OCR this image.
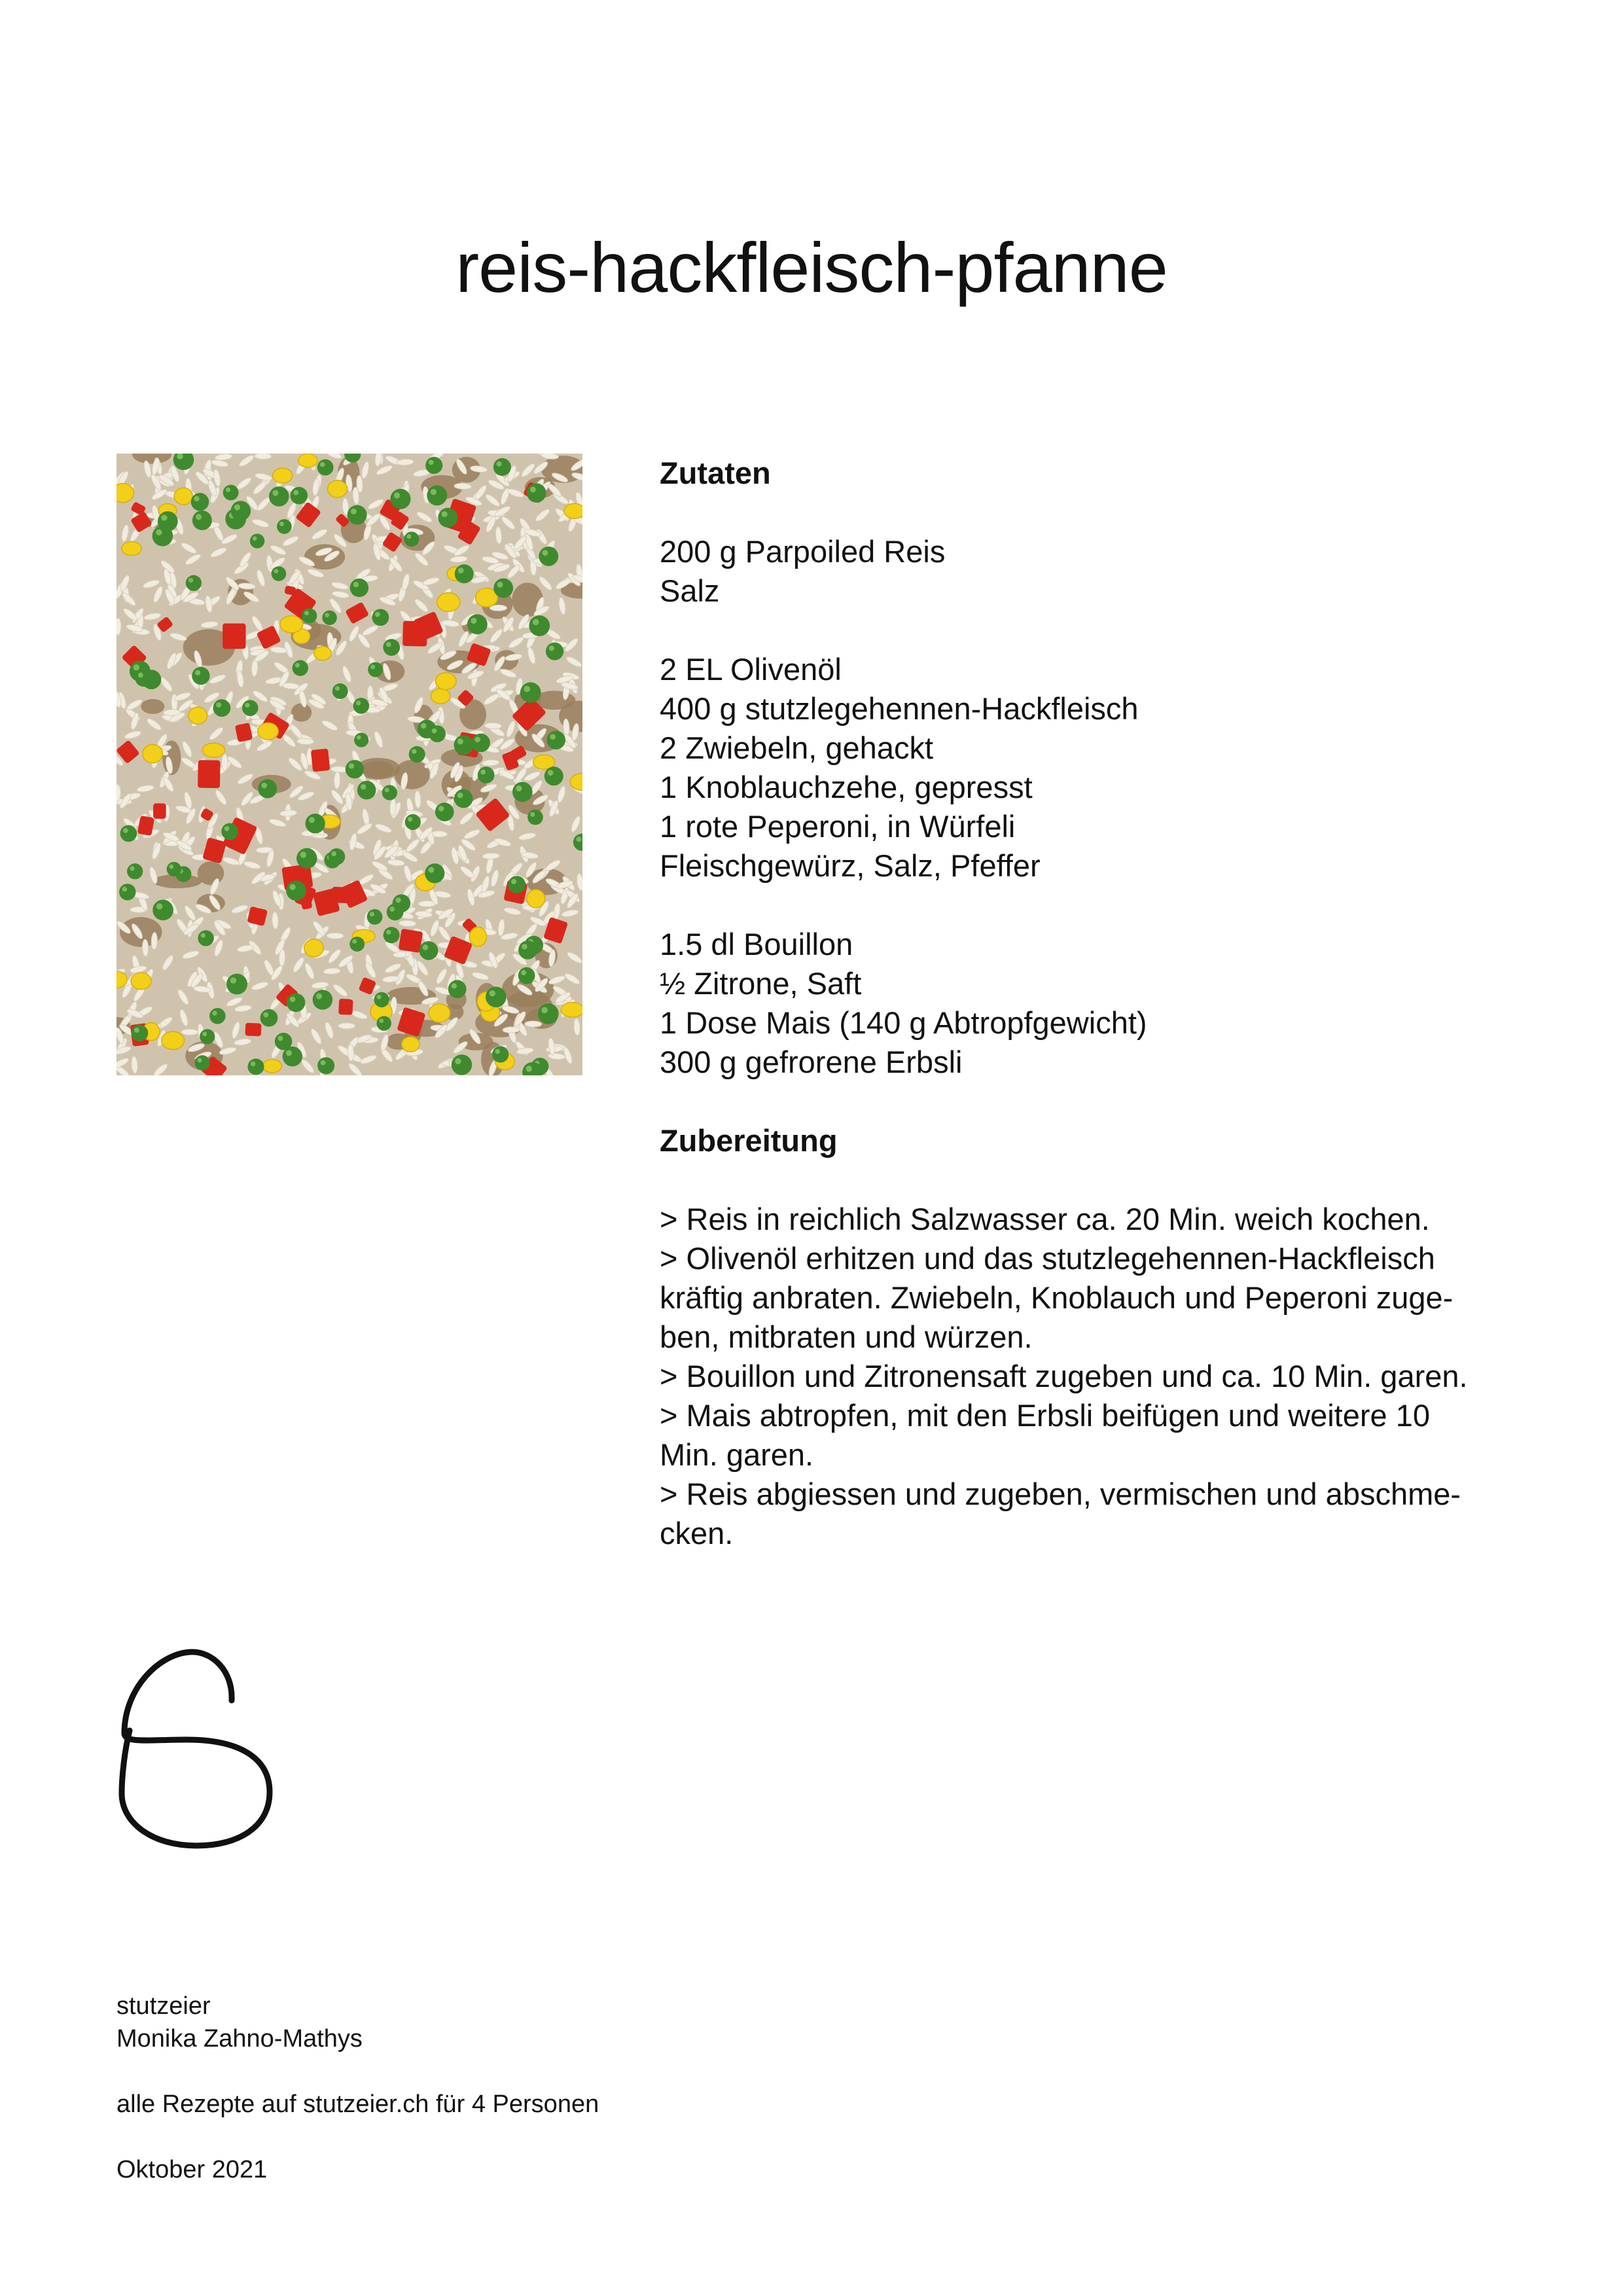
reis-hackfleisch-pfanne
Zutaten
200 g Parpoiled Reis
Salz
2 EL Olivenöl
400 g stutzlegehennen-Hackfleisch
2 Zwiebeln, gehackt
1 Knoblauchzehe, gepresst
1 rote Peperoni, in Würfeli
Fleischgewürz, Salz, Pfeffer
1.5 dl Bouillon
½ Zitrone, Saft
1 Dose Mais (140 g Abtropfgewicht)
300 g gefrorene Erbsli
Zubereitung
> Reis in reichlich Salzwasser ca. 20 Min. weich kochen.
> Olivenöl erhitzen und das stutzlegehennen-Hackfleisch
kräftig anbraten. Zwiebeln, Knoblauch und Peperoni zuge-
ben, mitbraten und würzen.
> Bouillon und Zitronensaft zugeben und ca. 10 Min. garen.
> Mais abtropfen, mit den Erbsli beifügen und weitere 10
Min. garen.
> Reis abgiessen und zugeben, vermischen und abschme-
cken.
stutzeier
Monika Zahno-Mathys
alle Rezepte auf stutzeier.ch für 4 Personen
Oktober 2021
